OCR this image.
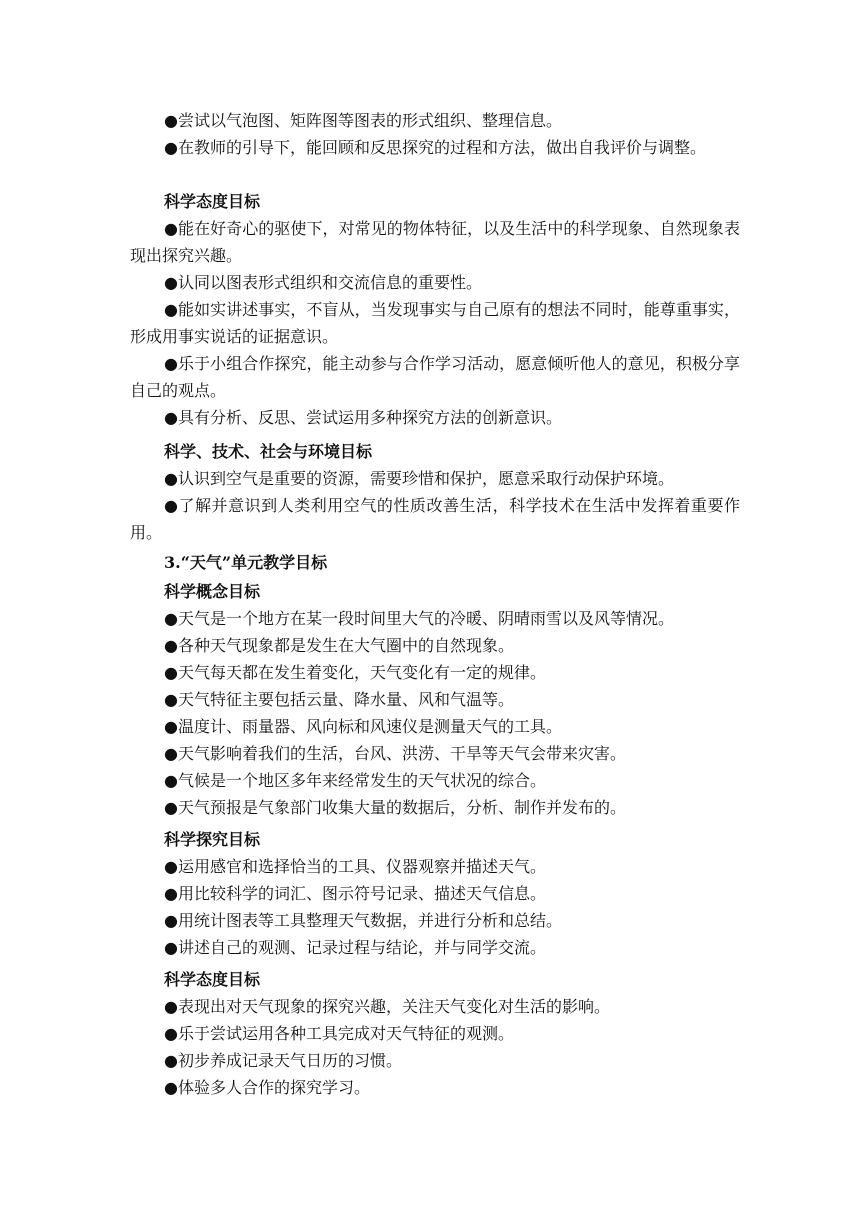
●尝试以气泡图、矩阵图等图表的形式组织、整理信息。
●在教师的引导下，能回顾和反思探究的过程和方法，做出自我评价与调整。
科学态度目标
●能在好奇心的驱使下，对常见的物体特征，以及生活中的科学现象、自然现象表现出探究兴趣。
●认同以图表形式组织和交流信息的重要性。
●能如实讲述事实，不盲从，当发现事实与自己原有的想法不同时，能尊重事实，形成用事实说话的证据意识。
●乐于小组合作探究，能主动参与合作学习活动，愿意倾听他人的意见，积极分享自己的观点。
●具有分析、反思、尝试运用多种探究方法的创新意识。
科学、技术、社会与环境目标
●认识到空气是重要的资源，需要珍惜和保护，愿意采取行动保护环境。
●了解并意识到人类利用空气的性质改善生活，科学技术在生活中发挥着重要作用。
3.“天气”单元教学目标
科学概念目标
●天气是一个地方在某一段时间里大气的冷暖、阴晴雨雪以及风等情况。
●各种天气现象都是发生在大气圈中的自然现象。
●天气每天都在发生着变化，天气变化有一定的规律。
●天气特征主要包括云量、降水量、风和气温等。
●温度计、雨量器、风向标和风速仪是测量天气的工具。
●天气影响着我们的生活，台风、洪涝、干旱等天气会带来灾害。
●气候是一个地区多年来经常发生的天气状况的综合。
●天气预报是气象部门收集大量的数据后，分析、制作并发布的。
科学探究目标
●运用感官和选择恰当的工具、仪器观察并描述天气。
●用比较科学的词汇、图示符号记录、描述天气信息。
●用统计图表等工具整理天气数据，并进行分析和总结。
●讲述自己的观测、记录过程与结论，并与同学交流。
科学态度目标
●表现出对天气现象的探究兴趣，关注天气变化对生活的影响。
●乐于尝试运用各种工具完成对天气特征的观测。
●初步养成记录天气日历的习惯。
●体验多人合作的探究学习。
